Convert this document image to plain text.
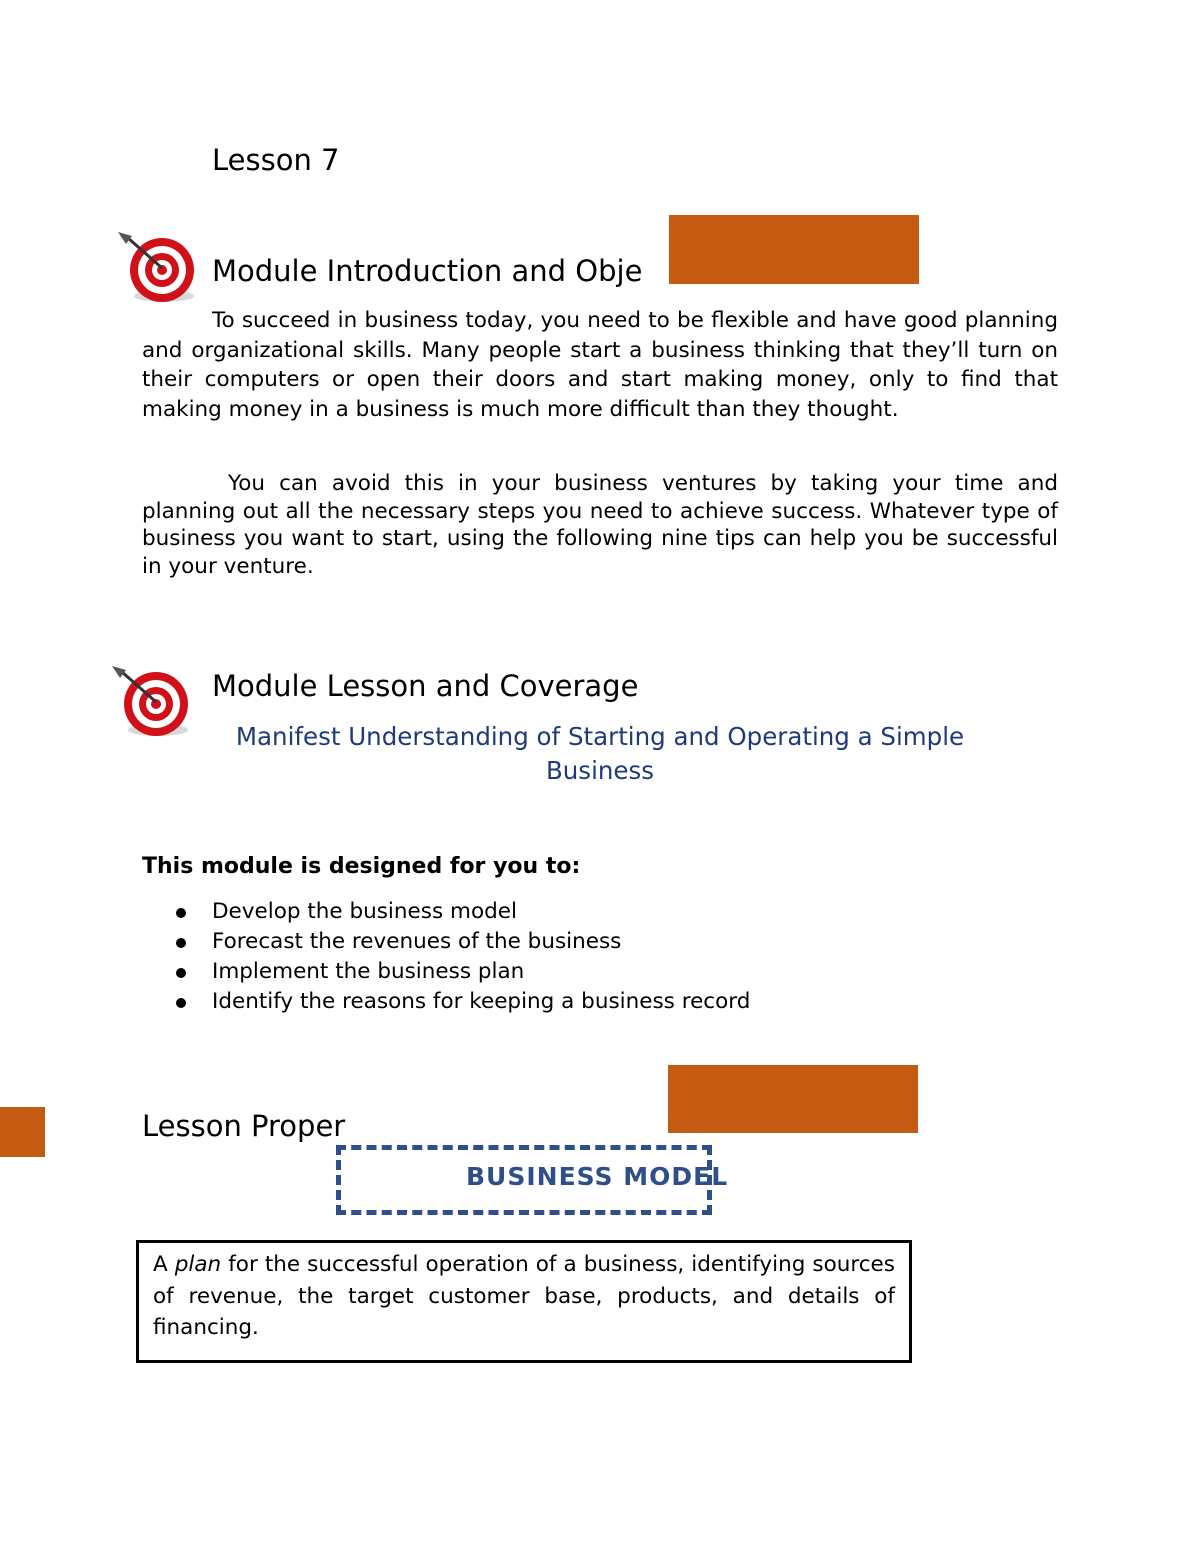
Lesson 7
Module Introduction and Obje

To succeed in business today, you need to be flexible and have good planning and organizational skills. Many people start a business thinking that they’ll turn on their computers or open their doors and start making money, only to find that making money in a business is much more difficult than they thought.

You can avoid this in your business ventures by taking your time and planning out all the necessary steps you need to achieve success. Whatever type of business you want to start, using the following nine tips can help you be successful in your venture.

Module Lesson and Coverage
Manifest Understanding of Starting and Operating a Simple
Business
This module is designed for you to:
Develop the business model
Forecast the revenues of the business
Implement the business plan
Identify the reasons for keeping a business record
Lesson Proper
BUSINESS MODEL
A plan for the successful operation of a business, identifying sources of revenue, the target customer base, products, and details of financing.
